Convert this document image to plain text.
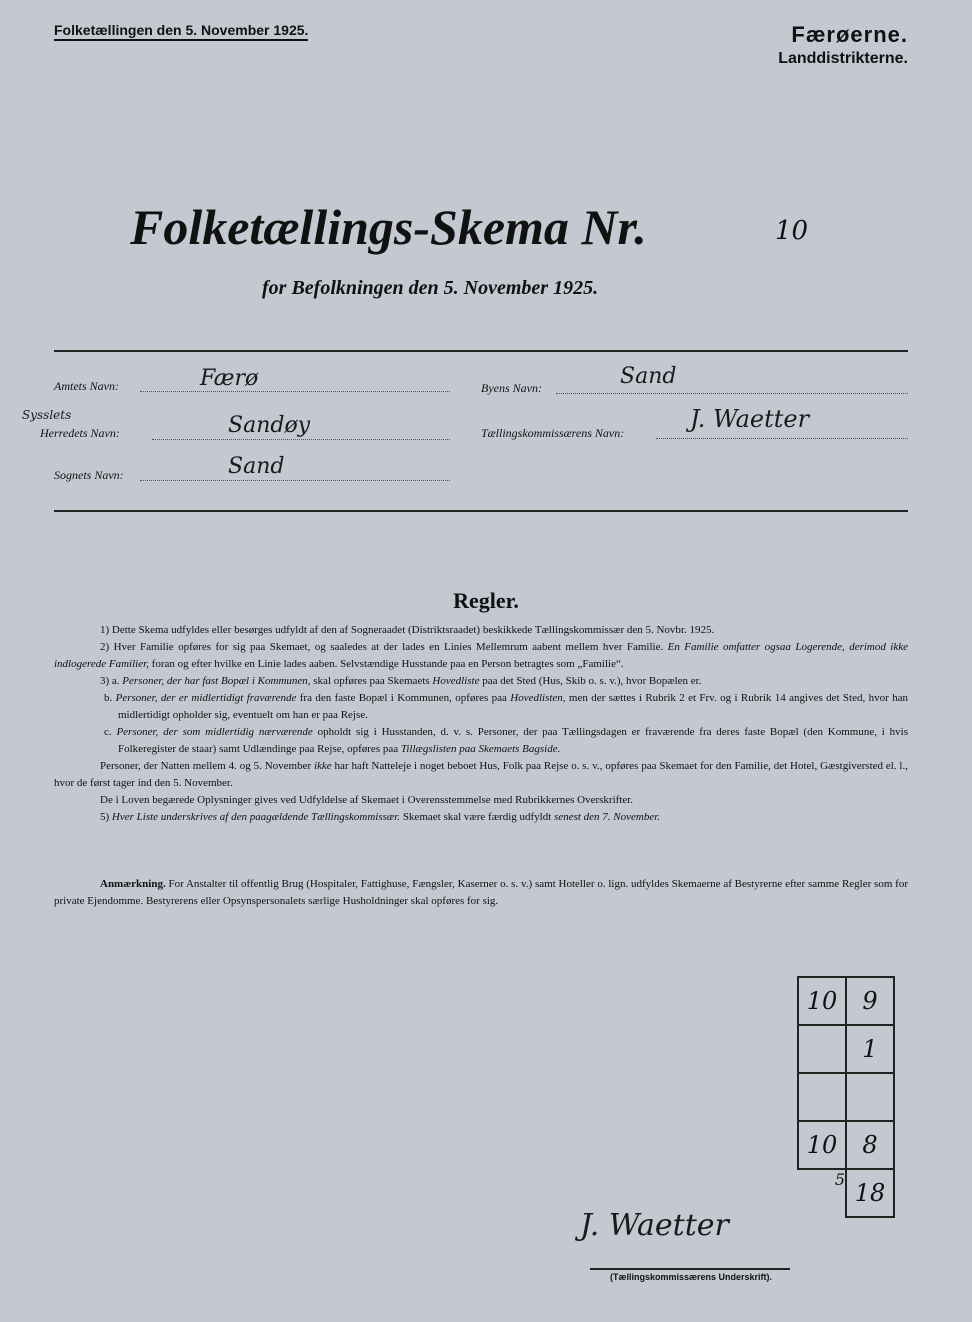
Folketællingen den 5. November 1925.	Færøerne.
Landdistrikterne.
Folketællings-Skema Nr.	10
for Befolkningen den 5. November 1925.
Amtets Navn:	Færø
Sysslets
Herredets Navn:	Sandøy
Sognets Navn:	Sand
Byens Navn:	Sand
Tællingskommissærens Navn:	J. Waetter
Regler.

1) Dette Skema udfyldes eller besørges udfyldt af den af Sogneraadet (Distriktsraadet) beskikkede Tællingskommissær den 5. Novbr. 1925.

2) Hver Familie opføres for sig paa Skemaet, og saaledes at der lades en Linies Mellemrum aabent mellem hver Familie. En Familie omfatter ogsaa Logerende, derimod ikke indlogerede Familier, foran og efter hvilke en Linie lades aaben. Selvstændige Husstande paa en Person betragtes som „Familie“.

3) a. Personer, der har fast Bopæl i Kommunen, skal opføres paa Skemaets Hovedliste paa det Sted (Hus, Skib o. s. v.), hvor Bopælen er.

b. Personer, der er midlertidigt fraværende fra den faste Bopæl i Kommunen, opføres paa Hovedlisten, men der sættes i Rubrik 2 et Frv. og i Rubrik 14 angives det Sted, hvor han midlertidigt opholder sig, eventuelt om han er paa Rejse.

c. Personer, der som midlertidig nærværende opholdt sig i Husstanden, d. v. s. Personer, der paa Tællingsdagen er fraværende fra deres faste Bopæl (den Kommune, i hvis Folkeregister de staar) samt Udlændinge paa Rejse, opføres paa Tillægslisten paa Skemaets Bagside.

Personer, der Natten mellem 4. og 5. November ikke har haft Natteleje i noget beboet Hus, Folk paa Rejse o. s. v., opføres paa Skemaet for den Familie, det Hotel, Gæstgiversted el. l., hvor de først tager ind den 5. November.

De i Loven begærede Oplysninger gives ved Udfyldelse af Skemaet i Overensstemmelse med Rubrikkernes Overskrifter.

5) Hver Liste underskrives af den paagældende Tællingskommissær. Skemaet skal være færdig udfyldt senest den 7. November.

Anmærkning. For Anstalter til offentlig Brug (Hospitaler, Fattighuse, Fængsler, Kaserner o. s. v.) samt Hoteller o. lign. udfyldes Skemaerne af Bestyrerne efter samme Regler som for private Ejendomme. Bestyrerens eller Opsynspersonalets særlige Husholdninger skal opføres for sig.
10	9
	1

10	8
5	18
J. Waetter
(Tællingskommissærens Underskrift).
